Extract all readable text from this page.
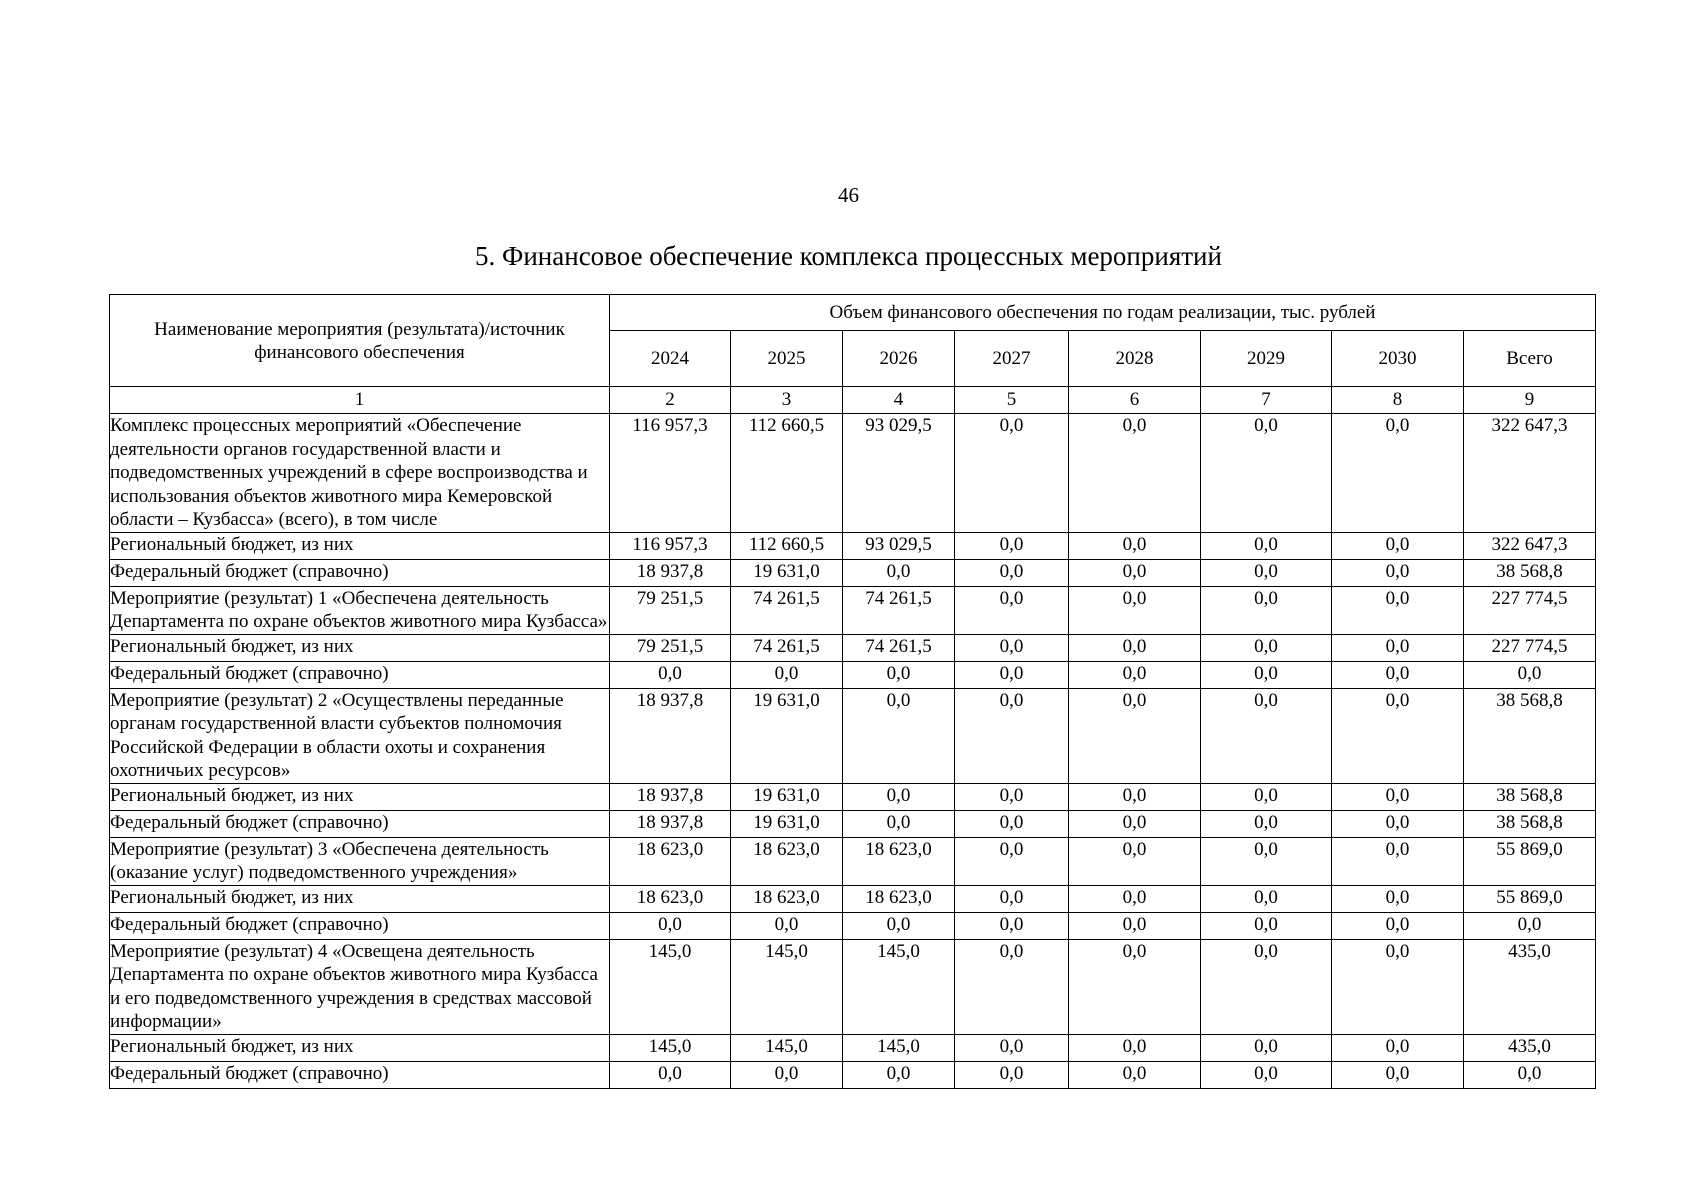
46
5. Финансовое обеспечение комплекса процессных мероприятий
Наименование мероприятия (результата)/источник финансового обеспечения	Объем финансового обеспечения по годам реализации, тыс. рублей							
	2024	2025	2026	2027	2028	2029	2030	Всего
1	2	3	4	5	6	7	8	9
Комплекс процессных мероприятий «Обеспечение деятельности органов государственной власти и подведомственных учреждений в сфере воспроизводства и использования объектов животного мира Кемеровской области – Кузбасса» (всего), в том числе	116 957,3	112 660,5	93 029,5	0,0	0,0	0,0	0,0	322 647,3
Региональный бюджет, из них	116 957,3	112 660,5	93 029,5	0,0	0,0	0,0	0,0	322 647,3
Федеральный бюджет (справочно)	18 937,8	19 631,0	0,0	0,0	0,0	0,0	0,0	38 568,8
Мероприятие (результат) 1 «Обеспечена деятельность Департамента по охране объектов животного мира Кузбасса»	79 251,5	74 261,5	74 261,5	0,0	0,0	0,0	0,0	227 774,5
Региональный бюджет, из них	79 251,5	74 261,5	74 261,5	0,0	0,0	0,0	0,0	227 774,5
Федеральный бюджет (справочно)	0,0	0,0	0,0	0,0	0,0	0,0	0,0	0,0
Мероприятие (результат) 2 «Осуществлены переданные органам государственной власти субъектов полномочия Российской Федерации в области охоты и сохранения охотничьих ресурсов»	18 937,8	19 631,0	0,0	0,0	0,0	0,0	0,0	38 568,8
Региональный бюджет, из них	18 937,8	19 631,0	0,0	0,0	0,0	0,0	0,0	38 568,8
Федеральный бюджет (справочно)	18 937,8	19 631,0	0,0	0,0	0,0	0,0	0,0	38 568,8
Мероприятие (результат) 3 «Обеспечена деятельность (оказание услуг) подведомственного учреждения»	18 623,0	18 623,0	18 623,0	0,0	0,0	0,0	0,0	55 869,0
Региональный бюджет, из них	18 623,0	18 623,0	18 623,0	0,0	0,0	0,0	0,0	55 869,0
Федеральный бюджет (справочно)	0,0	0,0	0,0	0,0	0,0	0,0	0,0	0,0
Мероприятие (результат) 4 «Освещена деятельность Департамента по охране объектов животного мира Кузбасса и его подведомственного учреждения в средствах массовой информации»	145,0	145,0	145,0	0,0	0,0	0,0	0,0	435,0
Региональный бюджет, из них	145,0	145,0	145,0	0,0	0,0	0,0	0,0	435,0
Федеральный бюджет (справочно)	0,0	0,0	0,0	0,0	0,0	0,0	0,0	0,0
